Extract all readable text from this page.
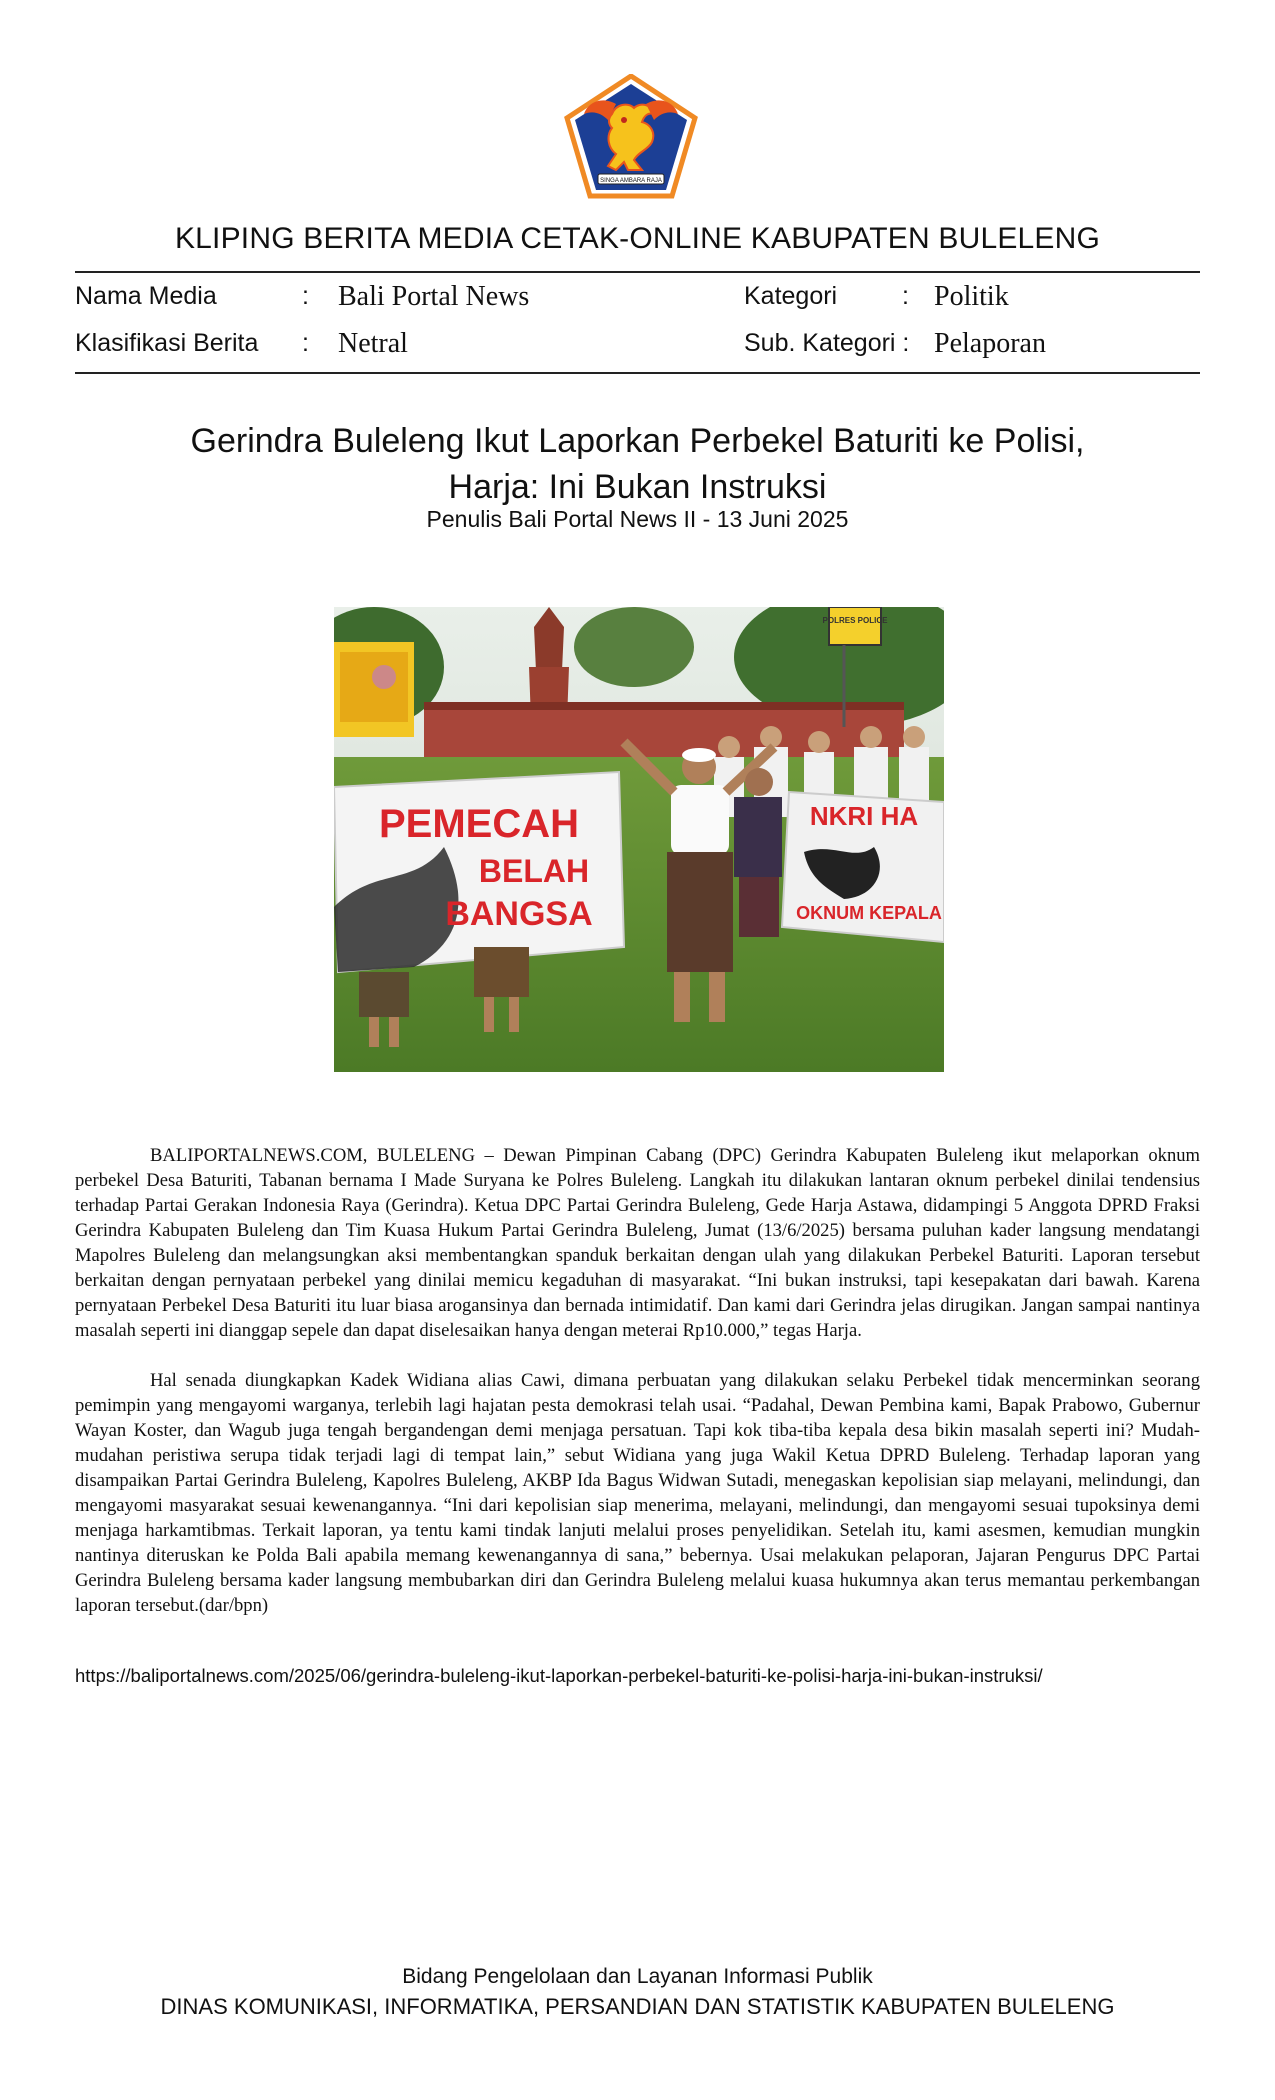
SINGA AMBARA RAJA
KLIPING BERITA MEDIA CETAK-ONLINE KABUPATEN BULELENG
Nama Media	: Bali Portal News	Kategori	: Politik
Klasifikasi Berita : Netral	Sub. Kategori : Pelaporan
Gerindra Buleleng Ikut Laporkan Perbekel Baturiti ke Polisi,
Harja: Ini Bukan Instruksi
Penulis Bali Portal News II - 13 Juni 2025
POLRES POLICE
PEMECAH
BELAH
BANGSA
NKRI HA
OKNUM KEPALA

BALIPORTALNEWS.COM, BULELENG – Dewan Pimpinan Cabang (DPC) Gerindra Kabupaten Buleleng ikut melaporkan oknum perbekel Desa Baturiti, Tabanan bernama I Made Suryana ke Polres Buleleng. Langkah itu dilakukan lantaran oknum perbekel dinilai tendensius terhadap Partai Gerakan Indonesia Raya (Gerindra). Ketua DPC Partai Gerindra Buleleng, Gede Harja Astawa, didampingi 5 Anggota DPRD Fraksi Gerindra Kabupaten Buleleng dan Tim Kuasa Hukum Partai Gerindra Buleleng, Jumat (13/6/2025) bersama puluhan kader langsung mendatangi Mapolres Buleleng dan melangsungkan aksi membentangkan spanduk berkaitan dengan ulah yang dilakukan Perbekel Baturiti. Laporan tersebut berkaitan dengan pernyataan perbekel yang dinilai memicu kegaduhan di masyarakat. “Ini bukan instruksi, tapi kesepakatan dari bawah. Karena pernyataan Perbekel Desa Baturiti itu luar biasa arogansinya dan bernada intimidatif. Dan kami dari Gerindra jelas dirugikan. Jangan sampai nantinya masalah seperti ini dianggap sepele dan dapat diselesaikan hanya dengan meterai Rp10.000,” tegas Harja.

Hal senada diungkapkan Kadek Widiana alias Cawi, dimana perbuatan yang dilakukan selaku Perbekel tidak mencerminkan seorang pemimpin yang mengayomi warganya, terlebih lagi hajatan pesta demokrasi telah usai. “Padahal, Dewan Pembina kami, Bapak Prabowo, Gubernur Wayan Koster, dan Wagub juga tengah bergandengan demi menjaga persatuan. Tapi kok tiba-tiba kepala desa bikin masalah seperti ini? Mudah-mudahan peristiwa serupa tidak terjadi lagi di tempat lain,” sebut Widiana yang juga Wakil Ketua DPRD Buleleng. Terhadap laporan yang disampaikan Partai Gerindra Buleleng, Kapolres Buleleng, AKBP Ida Bagus Widwan Sutadi, menegaskan kepolisian siap melayani, melindungi, dan mengayomi masyarakat sesuai kewenangannya. “Ini dari kepolisian siap menerima, melayani, melindungi, dan mengayomi sesuai tupoksinya demi menjaga harkamtibmas. Terkait laporan, ya tentu kami tindak lanjuti melalui proses penyelidikan. Setelah itu, kami asesmen, kemudian mungkin nantinya diteruskan ke Polda Bali apabila memang kewenangannya di sana,” bebernya. Usai melakukan pelaporan, Jajaran Pengurus DPC Partai Gerindra Buleleng bersama kader langsung membubarkan diri dan Gerindra Buleleng melalui kuasa hukumnya akan terus memantau perkembangan laporan tersebut.(dar/bpn)

https://baliportalnews.com/2025/06/gerindra-buleleng-ikut-laporkan-perbekel-baturiti-ke-polisi-harja-ini-bukan-instruksi/
Bidang Pengelolaan dan Layanan Informasi Publik
DINAS KOMUNIKASI, INFORMATIKA, PERSANDIAN DAN STATISTIK KABUPATEN BULELENG
